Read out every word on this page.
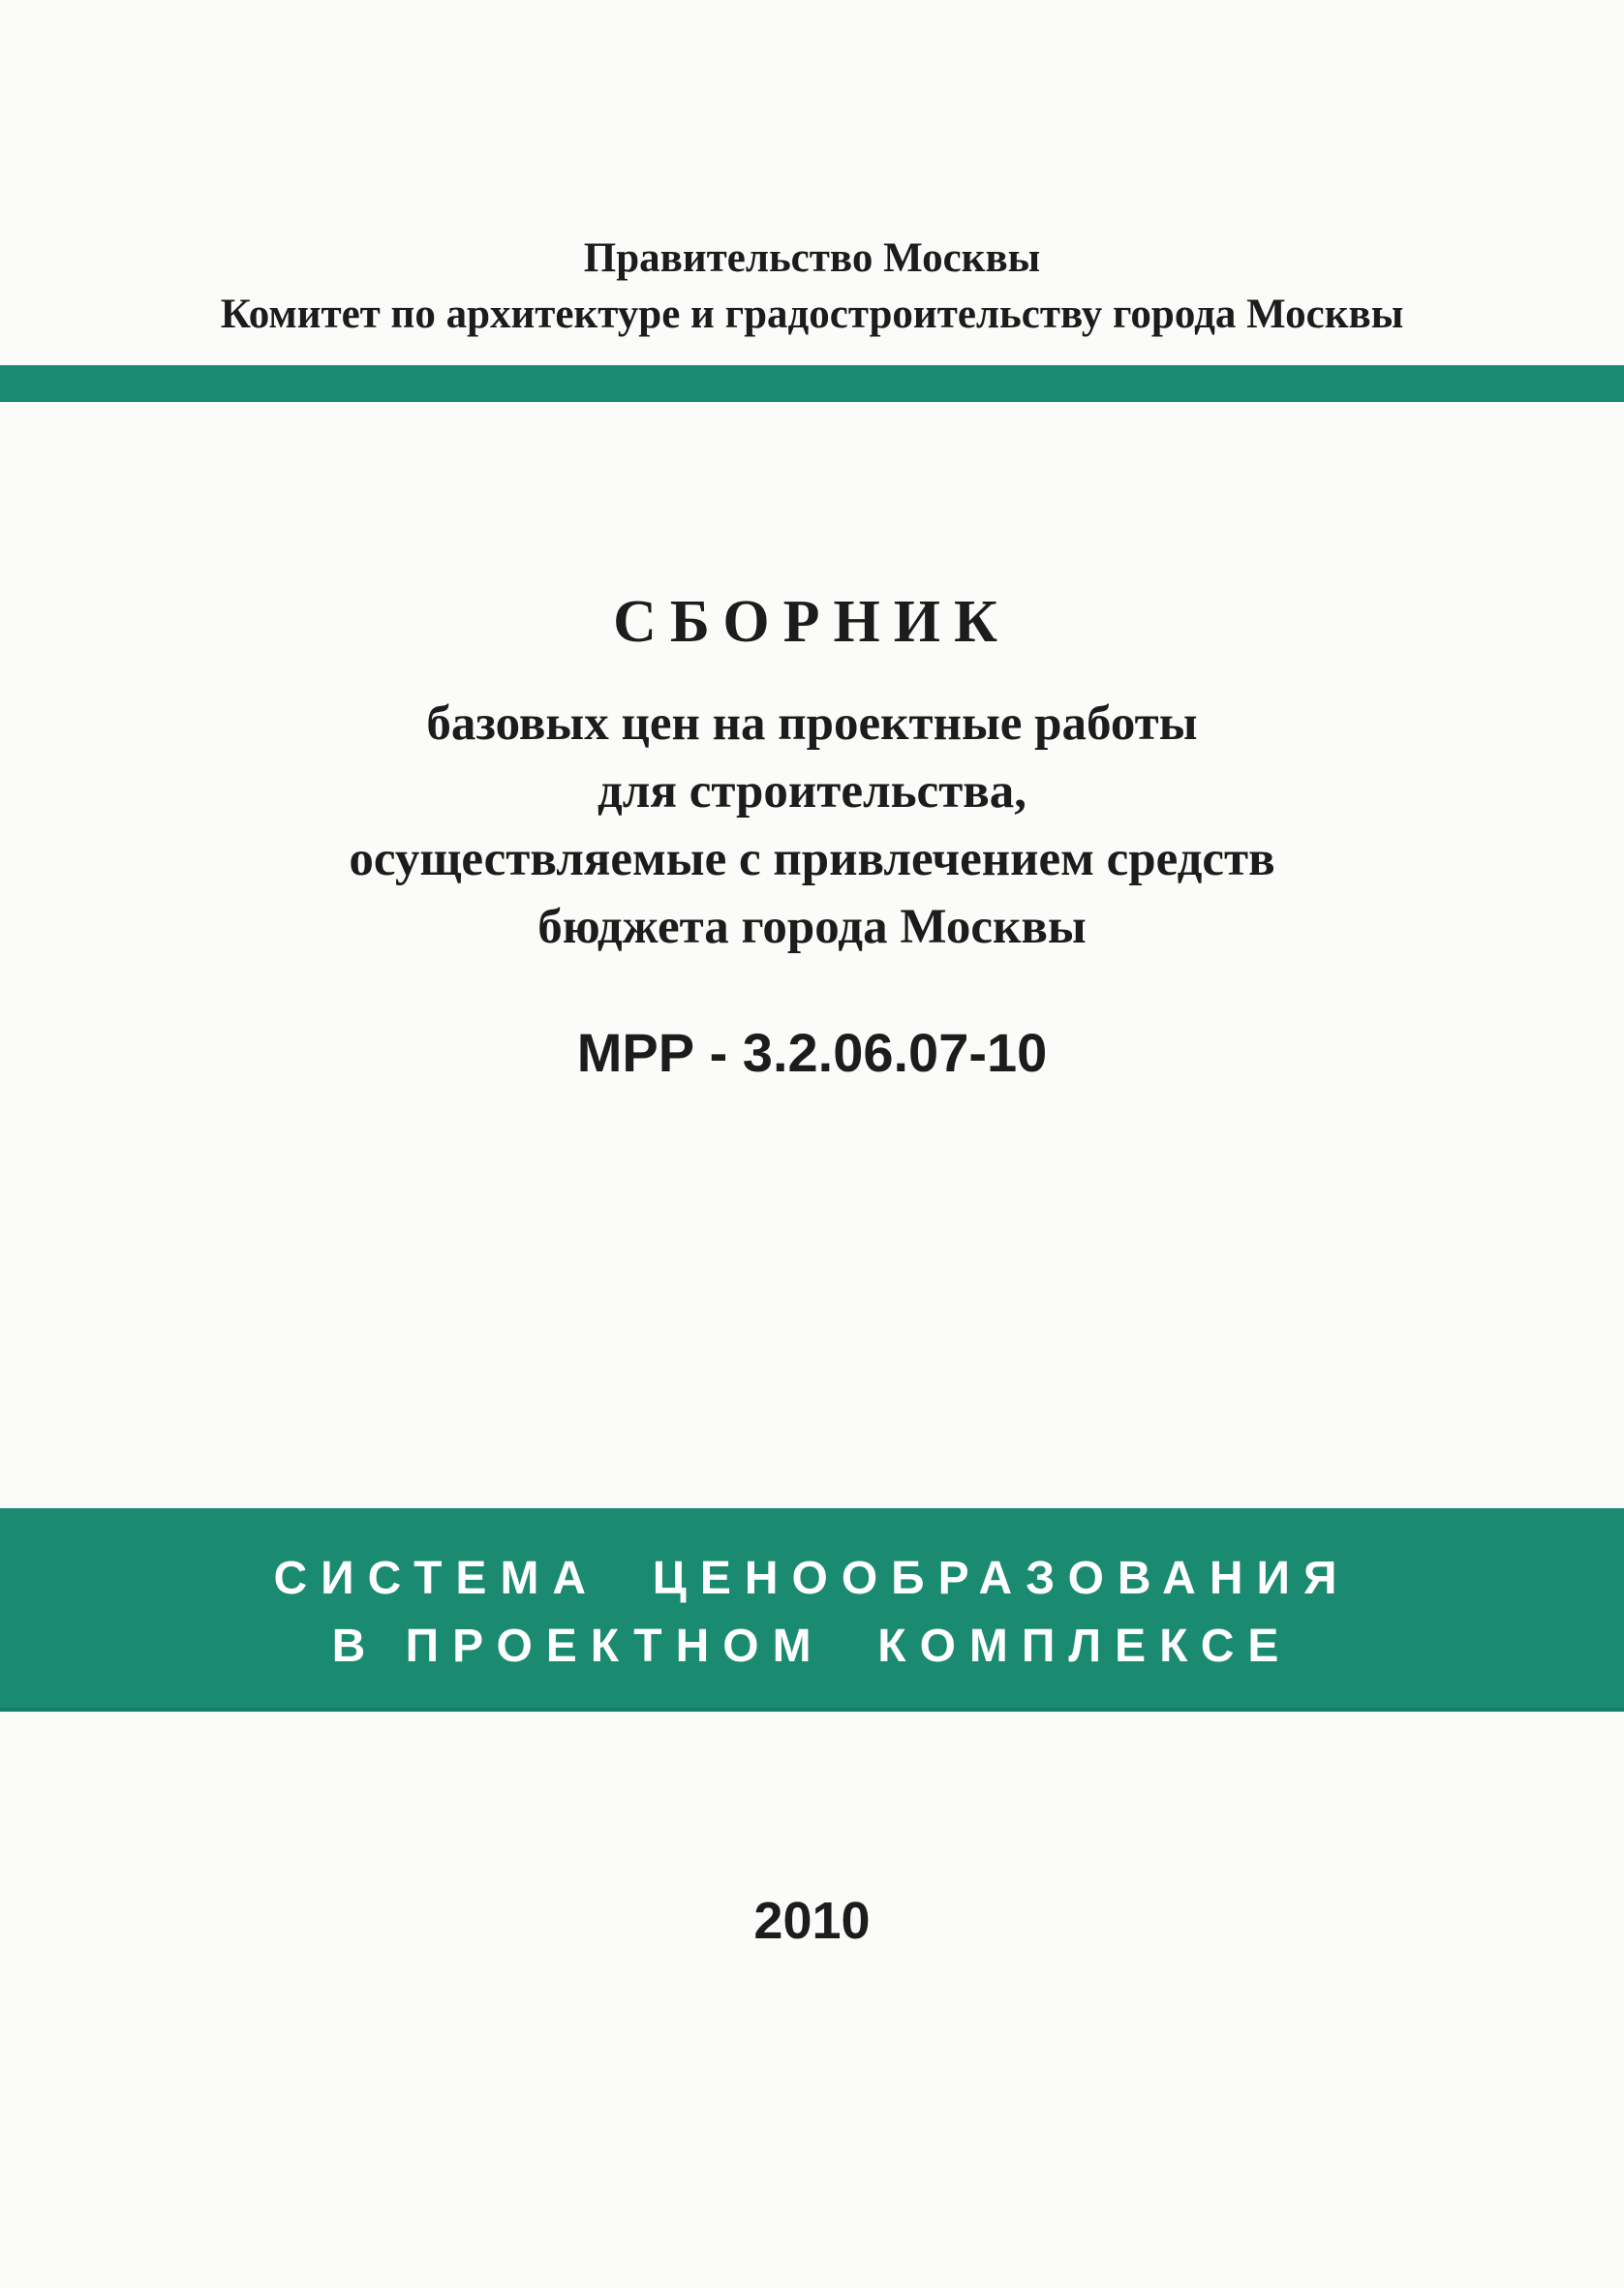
Правительство Москвы
Комитет по архитектуре и градостроительству города Москвы
СБОРНИК
базовых цен на проектные работы
для строительства,
осуществляемые с привлечением средств
бюджета города Москвы
МРР - 3.2.06.07-10
СИСТЕМА  ЦЕНООБРАЗОВАНИЯ
В ПРОЕКТНОМ  КОМПЛЕКСЕ
2010
